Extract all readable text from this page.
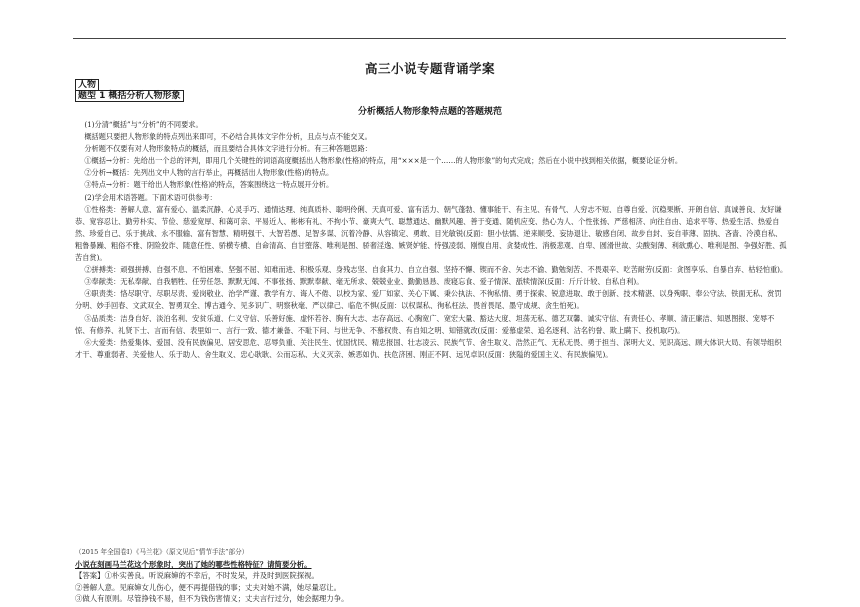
高三小说专题背诵学案
人物
题型 1 概括分析人物形象
分析概括人物形象特点题的答题规范

(1)分清“概括”与“分析”的不同要求。

概括题只要把人物形象的特点列出来即可，不必结合具体文字作分析，且点与点不能交叉。

分析题不仅要有对人物形象特点的概括，而且要结合具体文字进行分析。有三种答题思路：

①概括→分析：先给出一个总的评判，即用几个关键性的词语高度概括出人物形象(性格)的特点，用“×××是一个……的人物形象”的句式完成；然后在小说中找到相关依据，概要论证分析。

②分析→概括：先列出文中人物的言行举止，再概括出人物形象(性格)的特点。

③特点→分析：题干给出人物形象(性格)的特点，答案围绕这一特点展开分析。

(2)学会用术语答题。下面术语可供参考：

①性格类：善解人意、富有爱心、温柔沉静、心灵手巧、通情达理、纯真质朴、聪明伶俐、天真可爱、富有活力、朝气蓬勃、懂事能干、有主见、有骨气、人穷志不短、自尊自爱、沉稳果断、开朗自信、真诚善良、友好谦恭、宽容忍让、勤劳朴实、节俭、慈爱宽厚、和蔼可亲、平易近人、彬彬有礼、不拘小节、豪爽大气、聪慧通达、幽默风趣、善于变通、随机应变、热心为人、个性张扬、严慈相济、向往自由、追求平等、热爱生活、热爱自然、珍爱自己、乐于挑战、永不服输、富有智慧、精明强干、大智若愚、足智多谋、沉着冷静、从容镇定、勇敢、目光敏锐(反面：胆小怯懦、逆来顺受、妄协退让、敏感自闭、故步自封、妄自菲薄、固执、吝啬、冷漠自私、粗鲁暴躁、粗俗不雅、阴险狡诈、随意任性、骄横专横、自命清高、自甘堕落、唯利是图、骄奢淫逸、嫉贤妒能、恃强凌弱、刚愎自用、贪婪成性、消极悲观、自卑、圆滑世故、尖酸刻薄、利欲熏心、唯利是图、争强好胜、孤苦自赏)。

②拼搏类：顽强拼搏、自强不息、不怕困难、坚强不屈、知难而进、积极乐观、身残志坚、自食其力、自立自强、坚持不懈、锲而不舍、矢志不渝、勤勉刻苦、不畏艰辛、吃苦耐劳(反面：贪图享乐、自暴自弃、枯轻怕重)。

③奉献类：无私奉献、自我牺牲、任劳任怨、默默无闻、不事张扬、默默奉献、毫无所求、兢兢业业、勤勤恳恳、废寝忘食、爱子情深、舐犊情深(反面：斤斤计较、自私自利)。

④职责类：恪尽职守、尽职尽责、爱岗敬业、治学严谨、教学有方、诲人不倦、以校为家、爱厂如家、关心下属、秉公执法、不徇私情、勇于探索、锐意进取、敢于创新、技术精湛、以身殉职、奉公守法、铁面无私、赏罚分明、妙手回春、文武双全、智勇双全、博古通今、见多识广、明察秋毫、严以律己、临危不惧(反面：以权谋私、徇私枉法、畏首畏尾、墨守成规、贪生怕死)。

⑤品质类：洁身自好、淡泊名利、安贫乐道、仁义守信、乐善好施、虚怀若谷、胸有大志、志存高远、心胸宽广、宽宏大量、豁达大度、坦荡无私、德艺双馨、诚实守信、有责任心、孝顺、清正廉洁、知恩图报、宠辱不惊、有修养、礼贤下士、言而有信、表里如一、言行一致、德才兼备、不耻下问、与世无争、不慕权贵、有自知之明、知错就改(反面：爱慕虚荣、追名逐利、沽名钓誉、欺上瞒下、投机取巧)。

⑥大爱类：热爱集体、爱国、没有民族偏见、居安思危、忍辱负重、关注民生、忧国忧民、精忠报国、壮志凌云、民族气节、舍生取义、浩然正气、无私无畏、勇于担当、深明大义、见识高远、顾大体识大局、有领导组织才干、尊重弱者、关爱他人、乐于助人、舍生取义、忠心耿耿、公而忘私、大义灭亲、嫉恶如仇、扶危济困、刚正不阿、远见卓识(反面：狭隘的爱国主义、有民族偏见)。

（2015 年全国卷Ⅰ）《马兰花》（原文见后“情节手法”部分）
小说在刻画马兰花这个形象时，突出了她的哪些性格特征？请简要分析。
【答案】①朴实善良。听说麻婶的不幸后，不时发呆，并及时到医院探视。
②善解人意。见麻婶女儿伤心，便不再提借钱的事；丈夫对她不满，她尽量忍让。
③做人有原则。尽管挣钱不易，但不为钱伤害情义；丈夫言行过分，她会据理力争。
